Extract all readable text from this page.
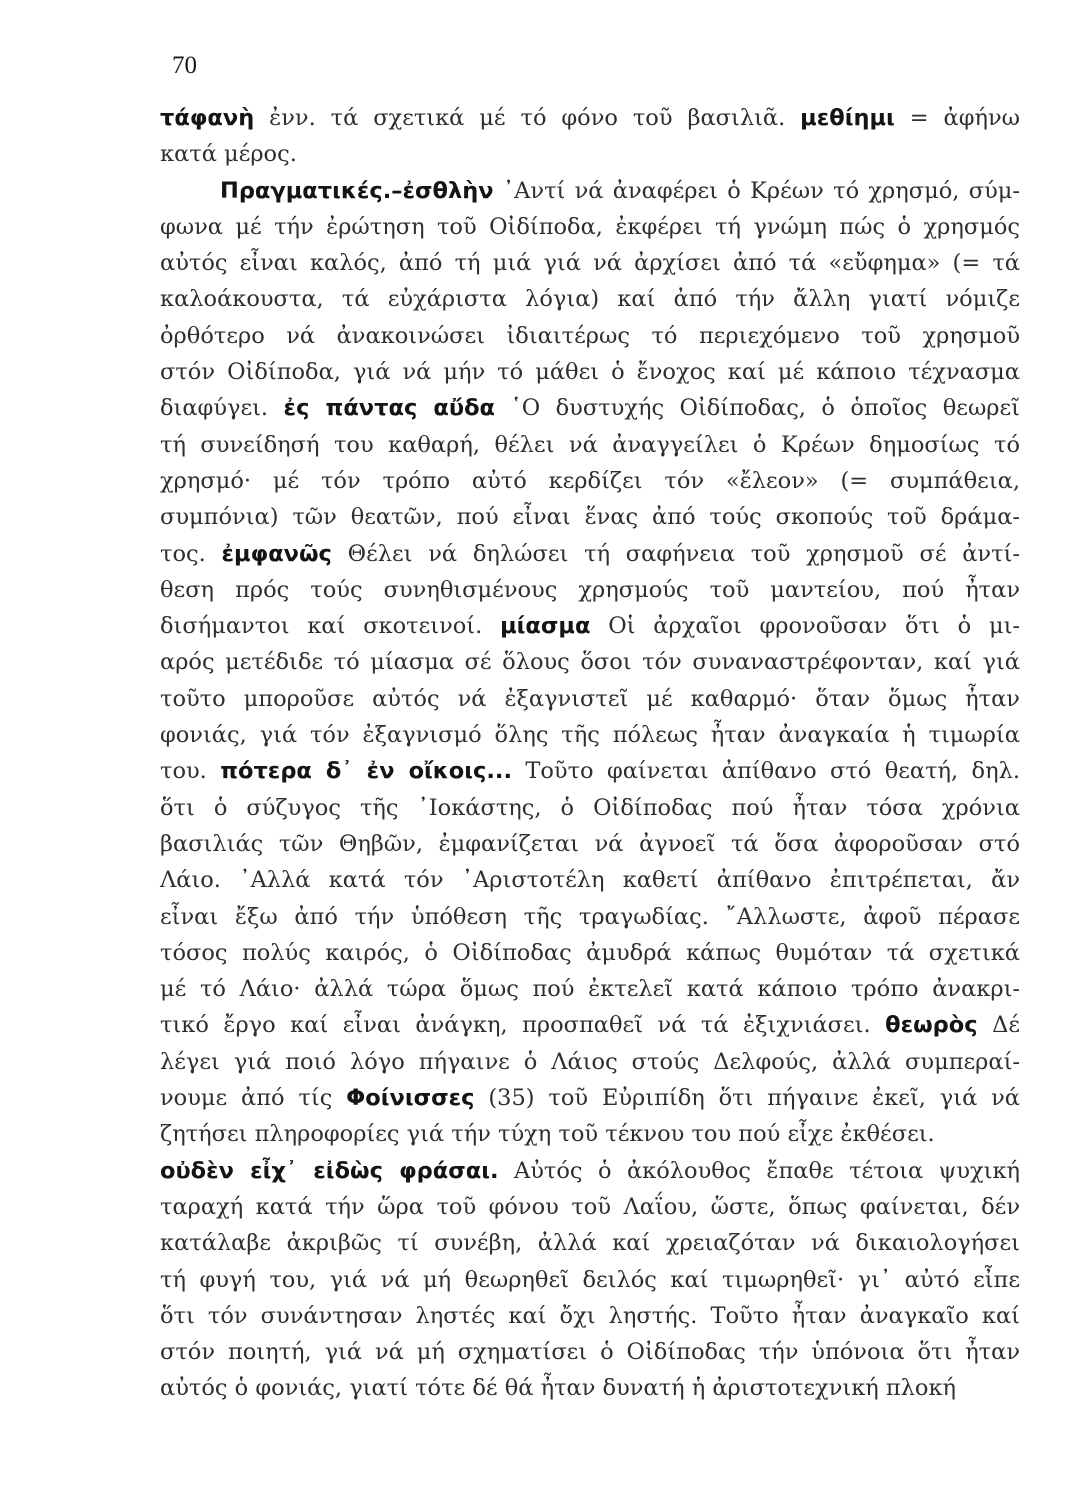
70
τάφανὴ ἐνν. τά σχετικά μέ τό φόνο τοῦ βασιλιᾶ. μεθίημι = ἀφήνω
κατά μέρος.
Πραγματικές.–ἐσθλὴν ᾽Αντί νά ἀναφέρει ὁ Κρέων τό χρησμό, σύμ-
φωνα μέ τήν ἐρώτηση τοῦ Οἰδίποδα, ἐκφέρει τή γνώμη πώς ὁ χρησμός
αὐτός εἶναι καλός, ἀπό τή μιά γιά νά ἀρχίσει ἀπό τά «εὔφημα» (= τά
καλοάκουστα, τά εὐχάριστα λόγια) καί ἀπό τήν ἄλλη γιατί νόμιζε
ὀρθότερο νά ἀνακοινώσει ἰδιαιτέρως τό περιεχόμενο τοῦ χρησμοῦ
στόν Οἰδίποδα, γιά νά μήν τό μάθει ὁ ἔνοχος καί μέ κάποιο τέχνασμα
διαφύγει. ἐς πάντας αὔδα ῾Ο δυστυχής Οἰδίποδας, ὁ ὁποῖος θεωρεῖ
τή συνείδησή του καθαρή, θέλει νά ἀναγγείλει ὁ Κρέων δημοσίως τό
χρησμό· μέ τόν τρόπο αὐτό κερδίζει τόν «ἔλεον» (= συμπάθεια,
συμπόνια) τῶν θεατῶν, πού εἶναι ἕνας ἀπό τούς σκοπούς τοῦ δράμα-
τος. ἐμφανῶς Θέλει νά δηλώσει τή σαφήνεια τοῦ χρησμοῦ σέ ἀντί-
θεση πρός τούς συνηθισμένους χρησμούς τοῦ μαντείου, πού ἦταν
δισήμαντοι καί σκοτεινοί. μίασμα Οἱ ἀρχαῖοι φρονοῦσαν ὅτι ὁ μι-
αρός μετέδιδε τό μίασμα σέ ὅλους ὅσοι τόν συναναστρέφονταν, καί γιά
τοῦτο μποροῦσε αὐτός νά ἐξαγνιστεῖ μέ καθαρμό· ὅταν ὅμως ἦταν
φονιάς, γιά τόν ἐξαγνισμό ὅλης τῆς πόλεως ἦταν ἀναγκαία ἡ τιμωρία
του. πότερα δ᾽ ἐν οἴκοις... Τοῦτο φαίνεται ἀπίθανο στό θεατή, δηλ.
ὅτι ὁ σύζυγος τῆς ᾽Ιοκάστης, ὁ Οἰδίποδας πού ἦταν τόσα χρόνια
βασιλιάς τῶν Θηβῶν, ἐμφανίζεται νά ἀγνοεῖ τά ὅσα ἀφοροῦσαν στό
Λάιο. ᾽Αλλά κατά τόν ᾽Αριστοτέλη καθετί ἀπίθανο ἐπιτρέπεται, ἄν
εἶναι ἔξω ἀπό τήν ὑπόθεση τῆς τραγωδίας. ῎Αλλωστε, ἀφοῦ πέρασε
τόσος πολύς καιρός, ὁ Οἰδίποδας ἀμυδρά κάπως θυμόταν τά σχετικά
μέ τό Λάιο· ἀλλά τώρα ὅμως πού ἐκτελεῖ κατά κάποιο τρόπο ἀνακρι-
τικό ἔργο καί εἶναι ἀνάγκη, προσπαθεῖ νά τά ἐξιχνιάσει. θεωρὸς Δέ
λέγει γιά ποιό λόγο πήγαινε ὁ Λάιος στούς Δελφούς, ἀλλά συμπεραί-
νουμε ἀπό τίς Φοίνισσες (35) τοῦ Εὐριπίδη ὅτι πήγαινε ἐκεῖ, γιά νά
ζητήσει πληροφορίες γιά τήν τύχη τοῦ τέκνου του πού εἶχε ἐκθέσει.
οὐδὲν εἶχ᾽ εἰδὼς φράσαι. Αὐτός ὁ ἀκόλουθος ἔπαθε τέτοια ψυχική
ταραχή κατά τήν ὥρα τοῦ φόνου τοῦ Λαΐου, ὥστε, ὅπως φαίνεται, δέν
κατάλαβε ἀκριβῶς τί συνέβη, ἀλλά καί χρειαζόταν νά δικαιολογήσει
τή φυγή του, γιά νά μή θεωρηθεῖ δειλός καί τιμωρηθεῖ· γι᾽ αὐτό εἶπε
ὅτι τόν συνάντησαν ληστές καί ὄχι ληστής. Τοῦτο ἦταν ἀναγκαῖο καί
στόν ποιητή, γιά νά μή σχηματίσει ὁ Οἰδίποδας τήν ὑπόνοια ὅτι ἦταν
αὐτός ὁ φονιάς, γιατί τότε δέ θά ἦταν δυνατή ἡ ἀριστοτεχνική πλοκή
